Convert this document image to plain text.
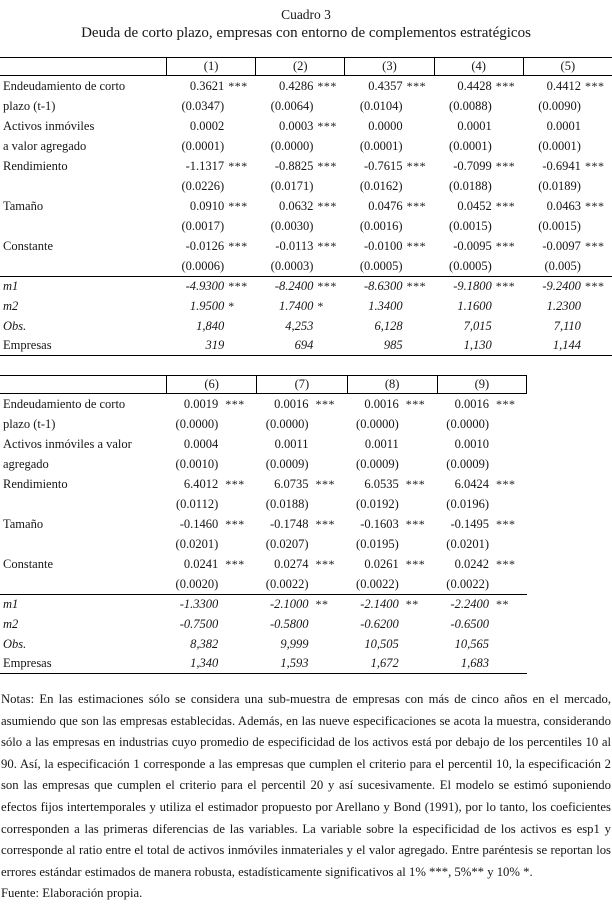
Cuadro 3
Deuda de corto plazo, empresas con entorno de complementos estratégicos
(1)	(2)	(3)	(4)	(5)
Endeudamiento de corto	0.3621 ***	0.4286 ***	0.4357 ***	0.4428 ***	0.4412 ***
plazo (t-1)	(0.0347)	(0.0064)	(0.0104)	(0.0088)	(0.0090)
Activos inmóviles	0.0002	0.0003 ***	0.0000	0.0001	0.0001
a valor agregado	(0.0001)	(0.0000)	(0.0001)	(0.0001)	(0.0001)
Rendimiento	-1.1317 ***	-0.8825 ***	-0.7615 ***	-0.7099 ***	-0.6941 ***
(0.0226)	(0.0171)	(0.0162)	(0.0188)	(0.0189)
Tamaño	0.0910 ***	0.0632 ***	0.0476 ***	0.0452 ***	0.0463 ***
(0.0017)	(0.0030)	(0.0016)	(0.0015)	(0.0015)
Constante	-0.0126 ***	-0.0113 ***	-0.0100 ***	-0.0095 ***	-0.0097 ***
(0.0006)	(0.0003)	(0.0005)	(0.0005)	(0.005)
m1	-4.9300 ***	-8.2400 ***	-8.6300 ***	-9.1800 ***	-9.2400 ***
m2	1.9500 *	1.7400 *	1.3400	1.1600	1.2300
Obs.	1,840	4,253	6,128	7,015	7,110
Empresas	319	694	985	1,130	1,144
(6)	(7)	(8)	(9)
Endeudamiento de corto	0.0019 ***	0.0016 ***	0.0016 ***	0.0016 ***
plazo (t-1)	(0.0000)	(0.0000)	(0.0000)	(0.0000)
Activos inmóviles a valor	0.0004	0.0011	0.0011	0.0010
agregado	(0.0010)	(0.0009)	(0.0009)	(0.0009)
Rendimiento	6.4012 ***	6.0735 ***	6.0535 ***	6.0424 ***
(0.0112)	(0.0188)	(0.0192)	(0.0196)
Tamaño	-0.1460 ***	-0.1748 ***	-0.1603 ***	-0.1495 ***
(0.0201)	(0.0207)	(0.0195)	(0.0201)
Constante	0.0241 ***	0.0274 ***	0.0261 ***	0.0242 ***
(0.0020)	(0.0022)	(0.0022)	(0.0022)
m1	-1.3300	-2.1000 **	-2.1400 **	-2.2400 **
m2	-0.7500	-0.5800	-0.6200	-0.6500
Obs.	8,382	9,999	10,505	10,565
Empresas	1,340	1,593	1,672	1,683
Notas: En las estimaciones sólo se considera una sub-muestra de empresas con más de cinco años en el mercado, asumiendo que son las empresas establecidas. Además, en las nueve especificaciones se acota la muestra, considerando sólo a las empresas en industrias cuyo promedio de especificidad de los activos está por debajo de los percentiles 10 al 90. Así, la especificación 1 corresponde a las empresas que cumplen el criterio para el percentil 10, la especificación 2 son las empresas que cumplen el criterio para el percentil 20 y así sucesivamente. El modelo se estimó suponiendo efectos fijos intertemporales y utiliza el estimador propuesto por Arellano y Bond (1991), por lo tanto, los coeficientes corresponden a las primeras diferencias de las variables. La variable sobre la especificidad de los activos es esp1 y corresponde al ratio entre el total de activos inmóviles inmateriales y el valor agregado. Entre paréntesis se reportan los errores estándar estimados de manera robusta, estadísticamente significativos al 1% ***, 5%** y 10% *.
Fuente: Elaboración propia.
